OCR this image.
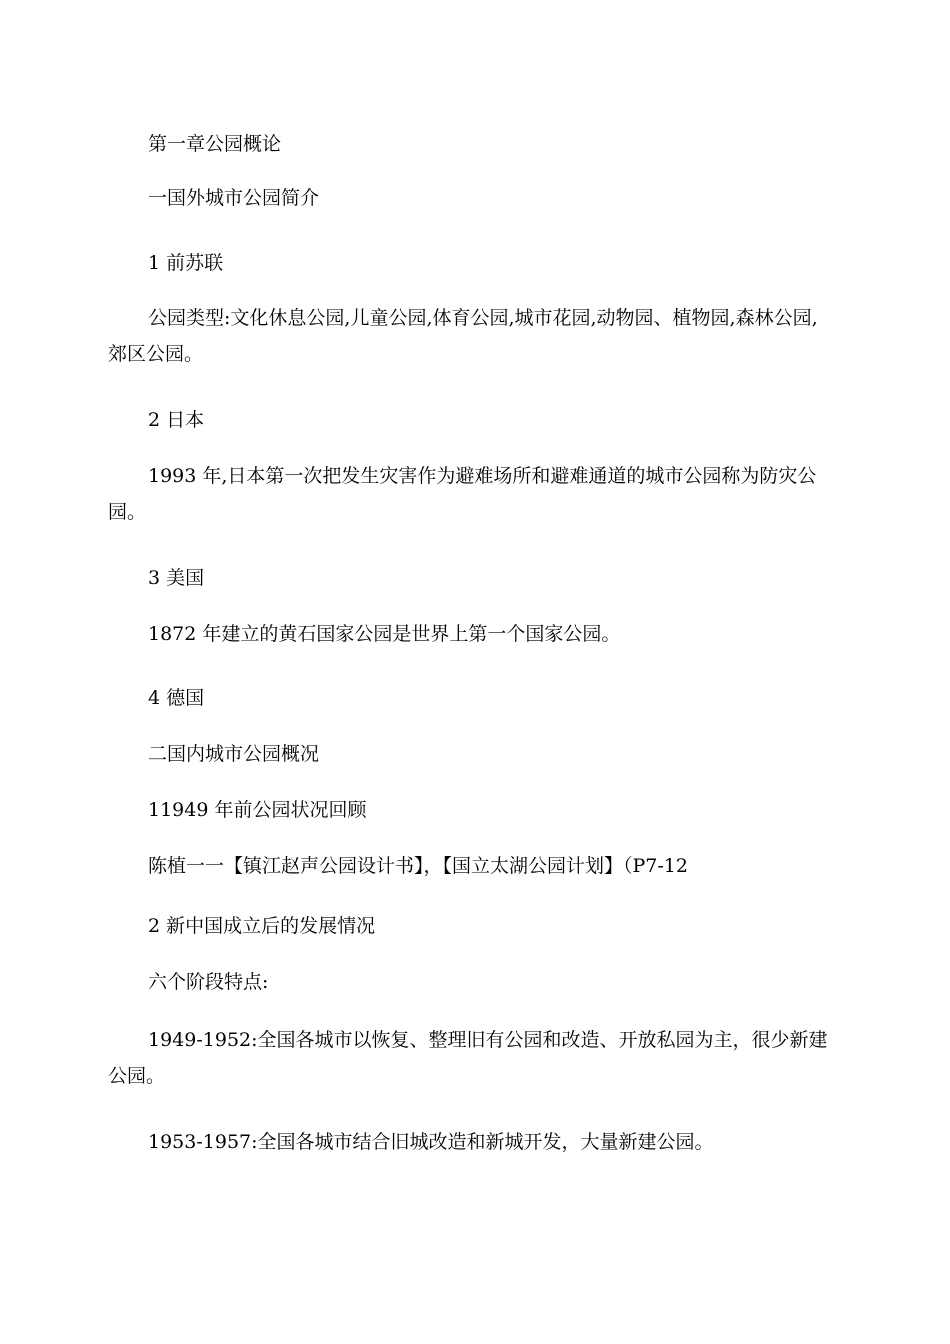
第一章公园概论

一国外城市公园简介

1 前苏联

公园类型:文化休息公园,儿童公园,体育公园,城市花园,动物园、植物园,森林公园,郊区公园。

2 日本

1993 年,日本第一次把发生灾害作为避难场所和避难通道的城市公园称为防灾公园。

3 美国

1872 年建立的黄石国家公园是世界上第一个国家公园。

4 德国

二国内城市公园概况

11949 年前公园状况回顾

陈植一一【镇江赵声公园设计书】，【国立太湖公园计划】（P7-12

2 新中国成立后的发展情况

六个阶段特点:

1949-1952:全国各城市以恢复、整理旧有公园和改造、开放私园为主，很少新建公园。

1953-1957:全国各城市结合旧城改造和新城开发，大量新建公园。
